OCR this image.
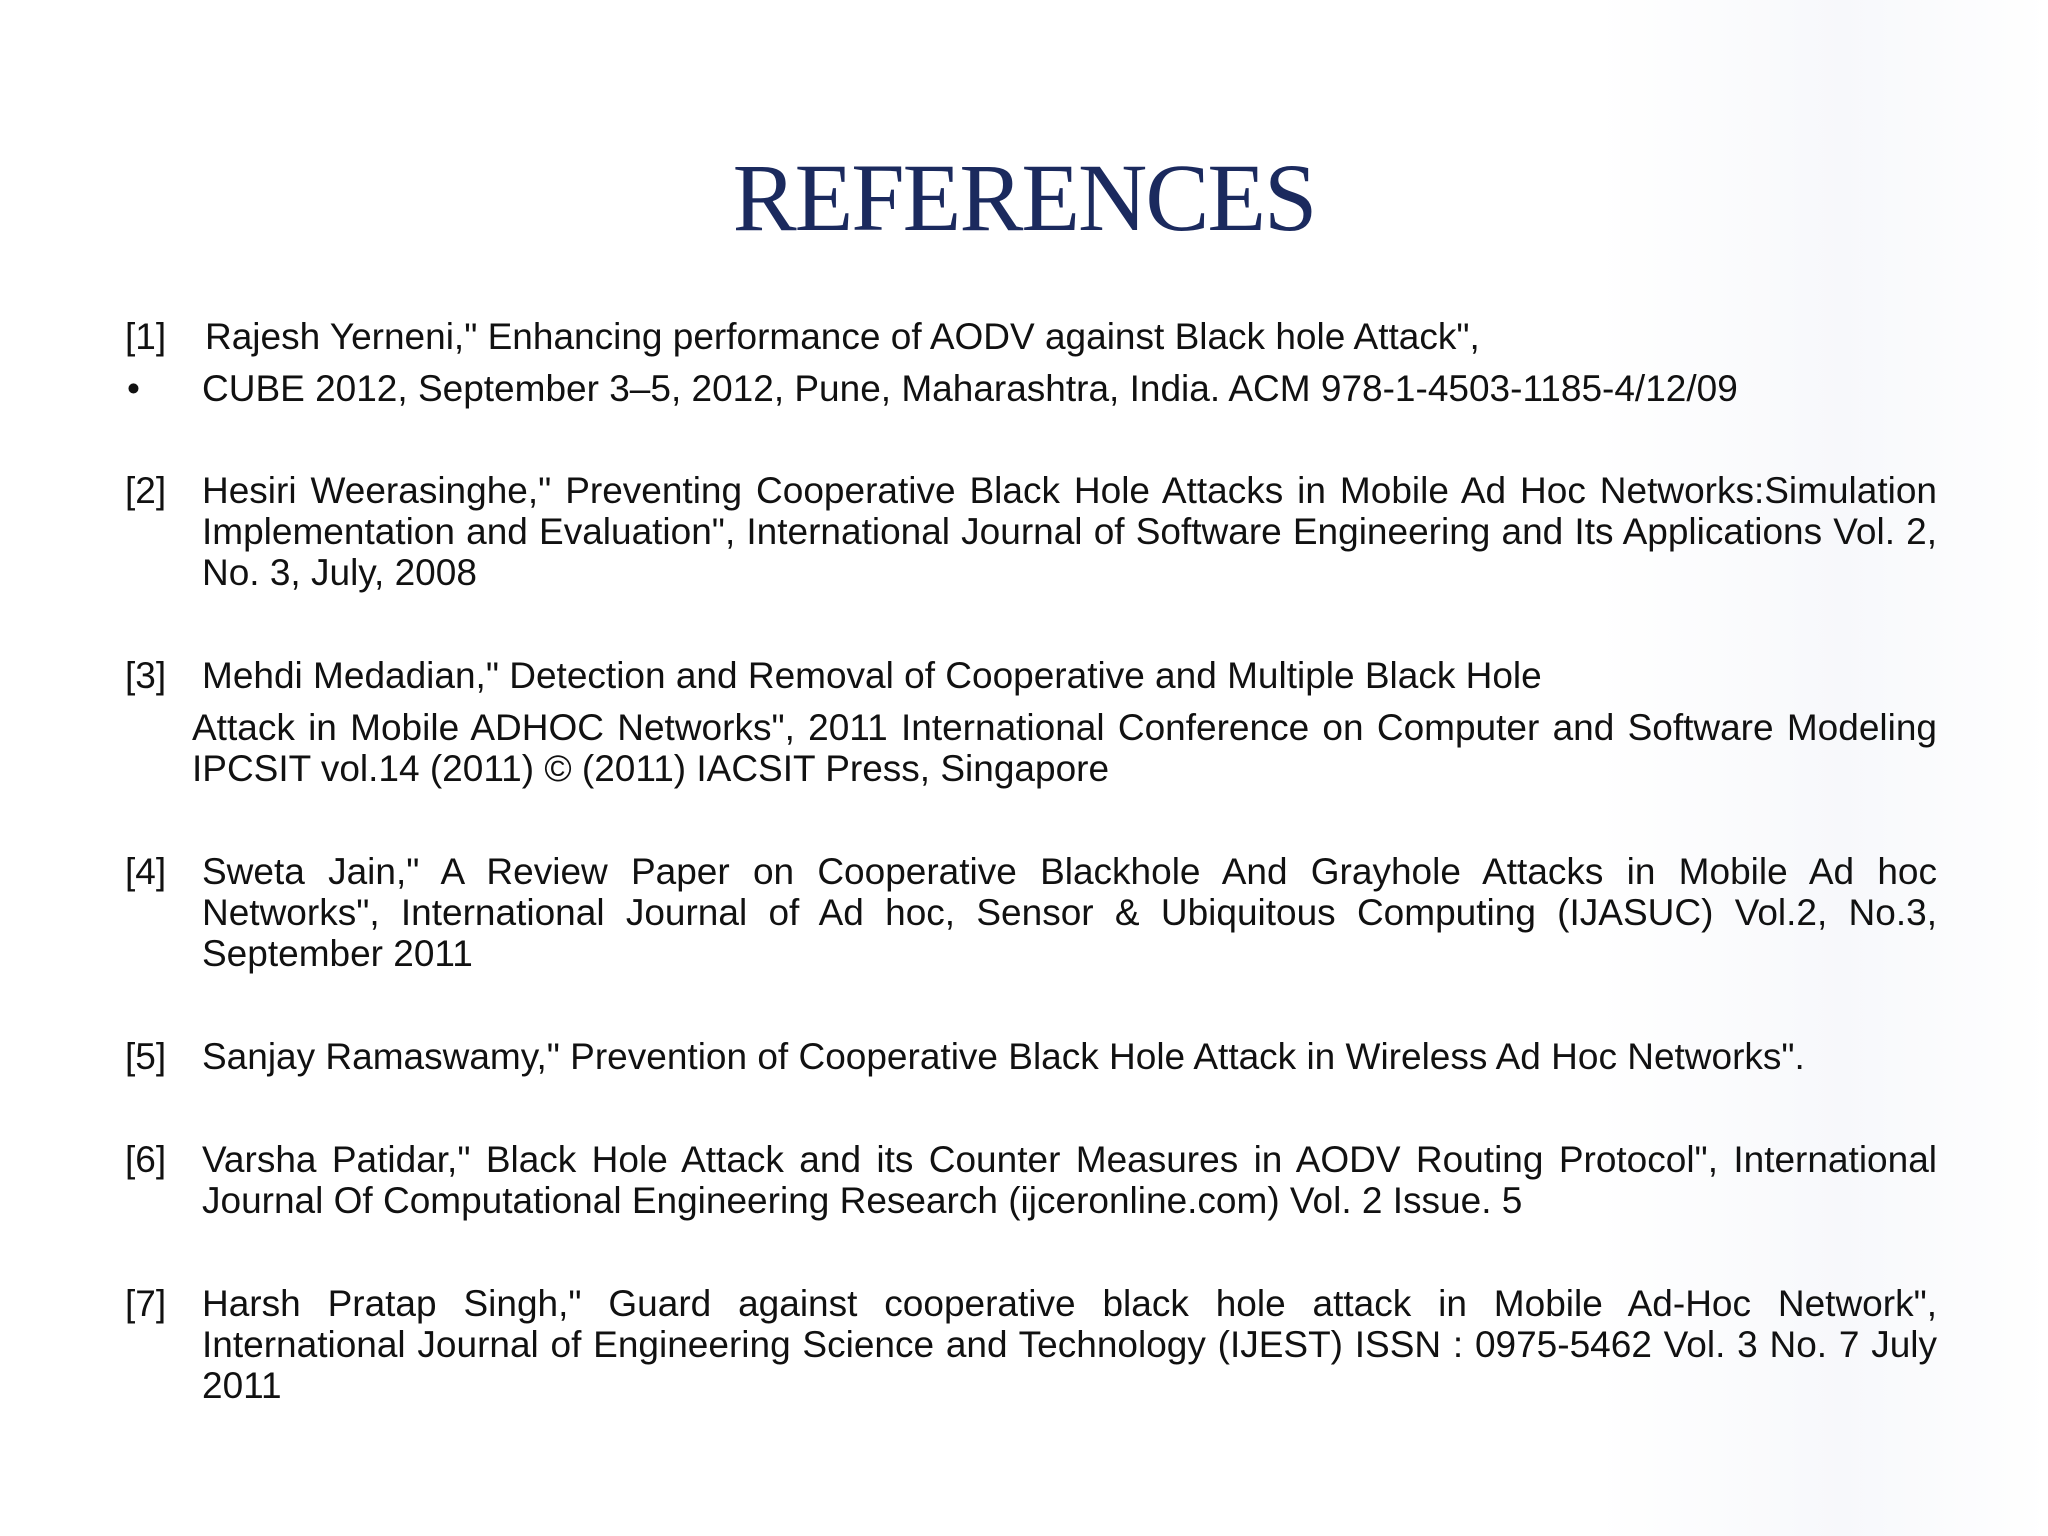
REFERENCES
[1] Rajesh Yerneni," Enhancing performance of AODV against Black hole Attack",
• CUBE 2012, September 3–5, 2012, Pune, Maharashtra, India. ACM 978-1-4503-1185-4/12/09
[2] Hesiri Weerasinghe," Preventing Cooperative Black Hole Attacks in Mobile Ad Hoc Networks:Simulation Implementation and Evaluation", International Journal of Software Engineering and Its Applications Vol. 2, No. 3, July, 2008
[3] Mehdi Medadian," Detection and Removal of Cooperative and Multiple Black Hole
Attack in Mobile ADHOC Networks", 2011 International Conference on Computer and Software Modeling IPCSIT vol.14 (2011) © (2011) IACSIT Press, Singapore
[4] Sweta Jain," A Review Paper on Cooperative Blackhole And Grayhole Attacks in Mobile Ad hoc Networks", International Journal of Ad hoc, Sensor & Ubiquitous Computing (IJASUC) Vol.2, No.3, September 2011
[5] Sanjay Ramaswamy," Prevention of Cooperative Black Hole Attack in Wireless Ad Hoc Networks".
[6] Varsha Patidar," Black Hole Attack and its Counter Measures in AODV Routing Protocol", International Journal Of Computational Engineering Research (ijceronline.com) Vol. 2 Issue. 5
[7] Harsh Pratap Singh," Guard against cooperative black hole attack in Mobile Ad-Hoc Network", International Journal of Engineering Science and Technology (IJEST) ISSN : 0975-5462 Vol. 3 No. 7 July 2011
